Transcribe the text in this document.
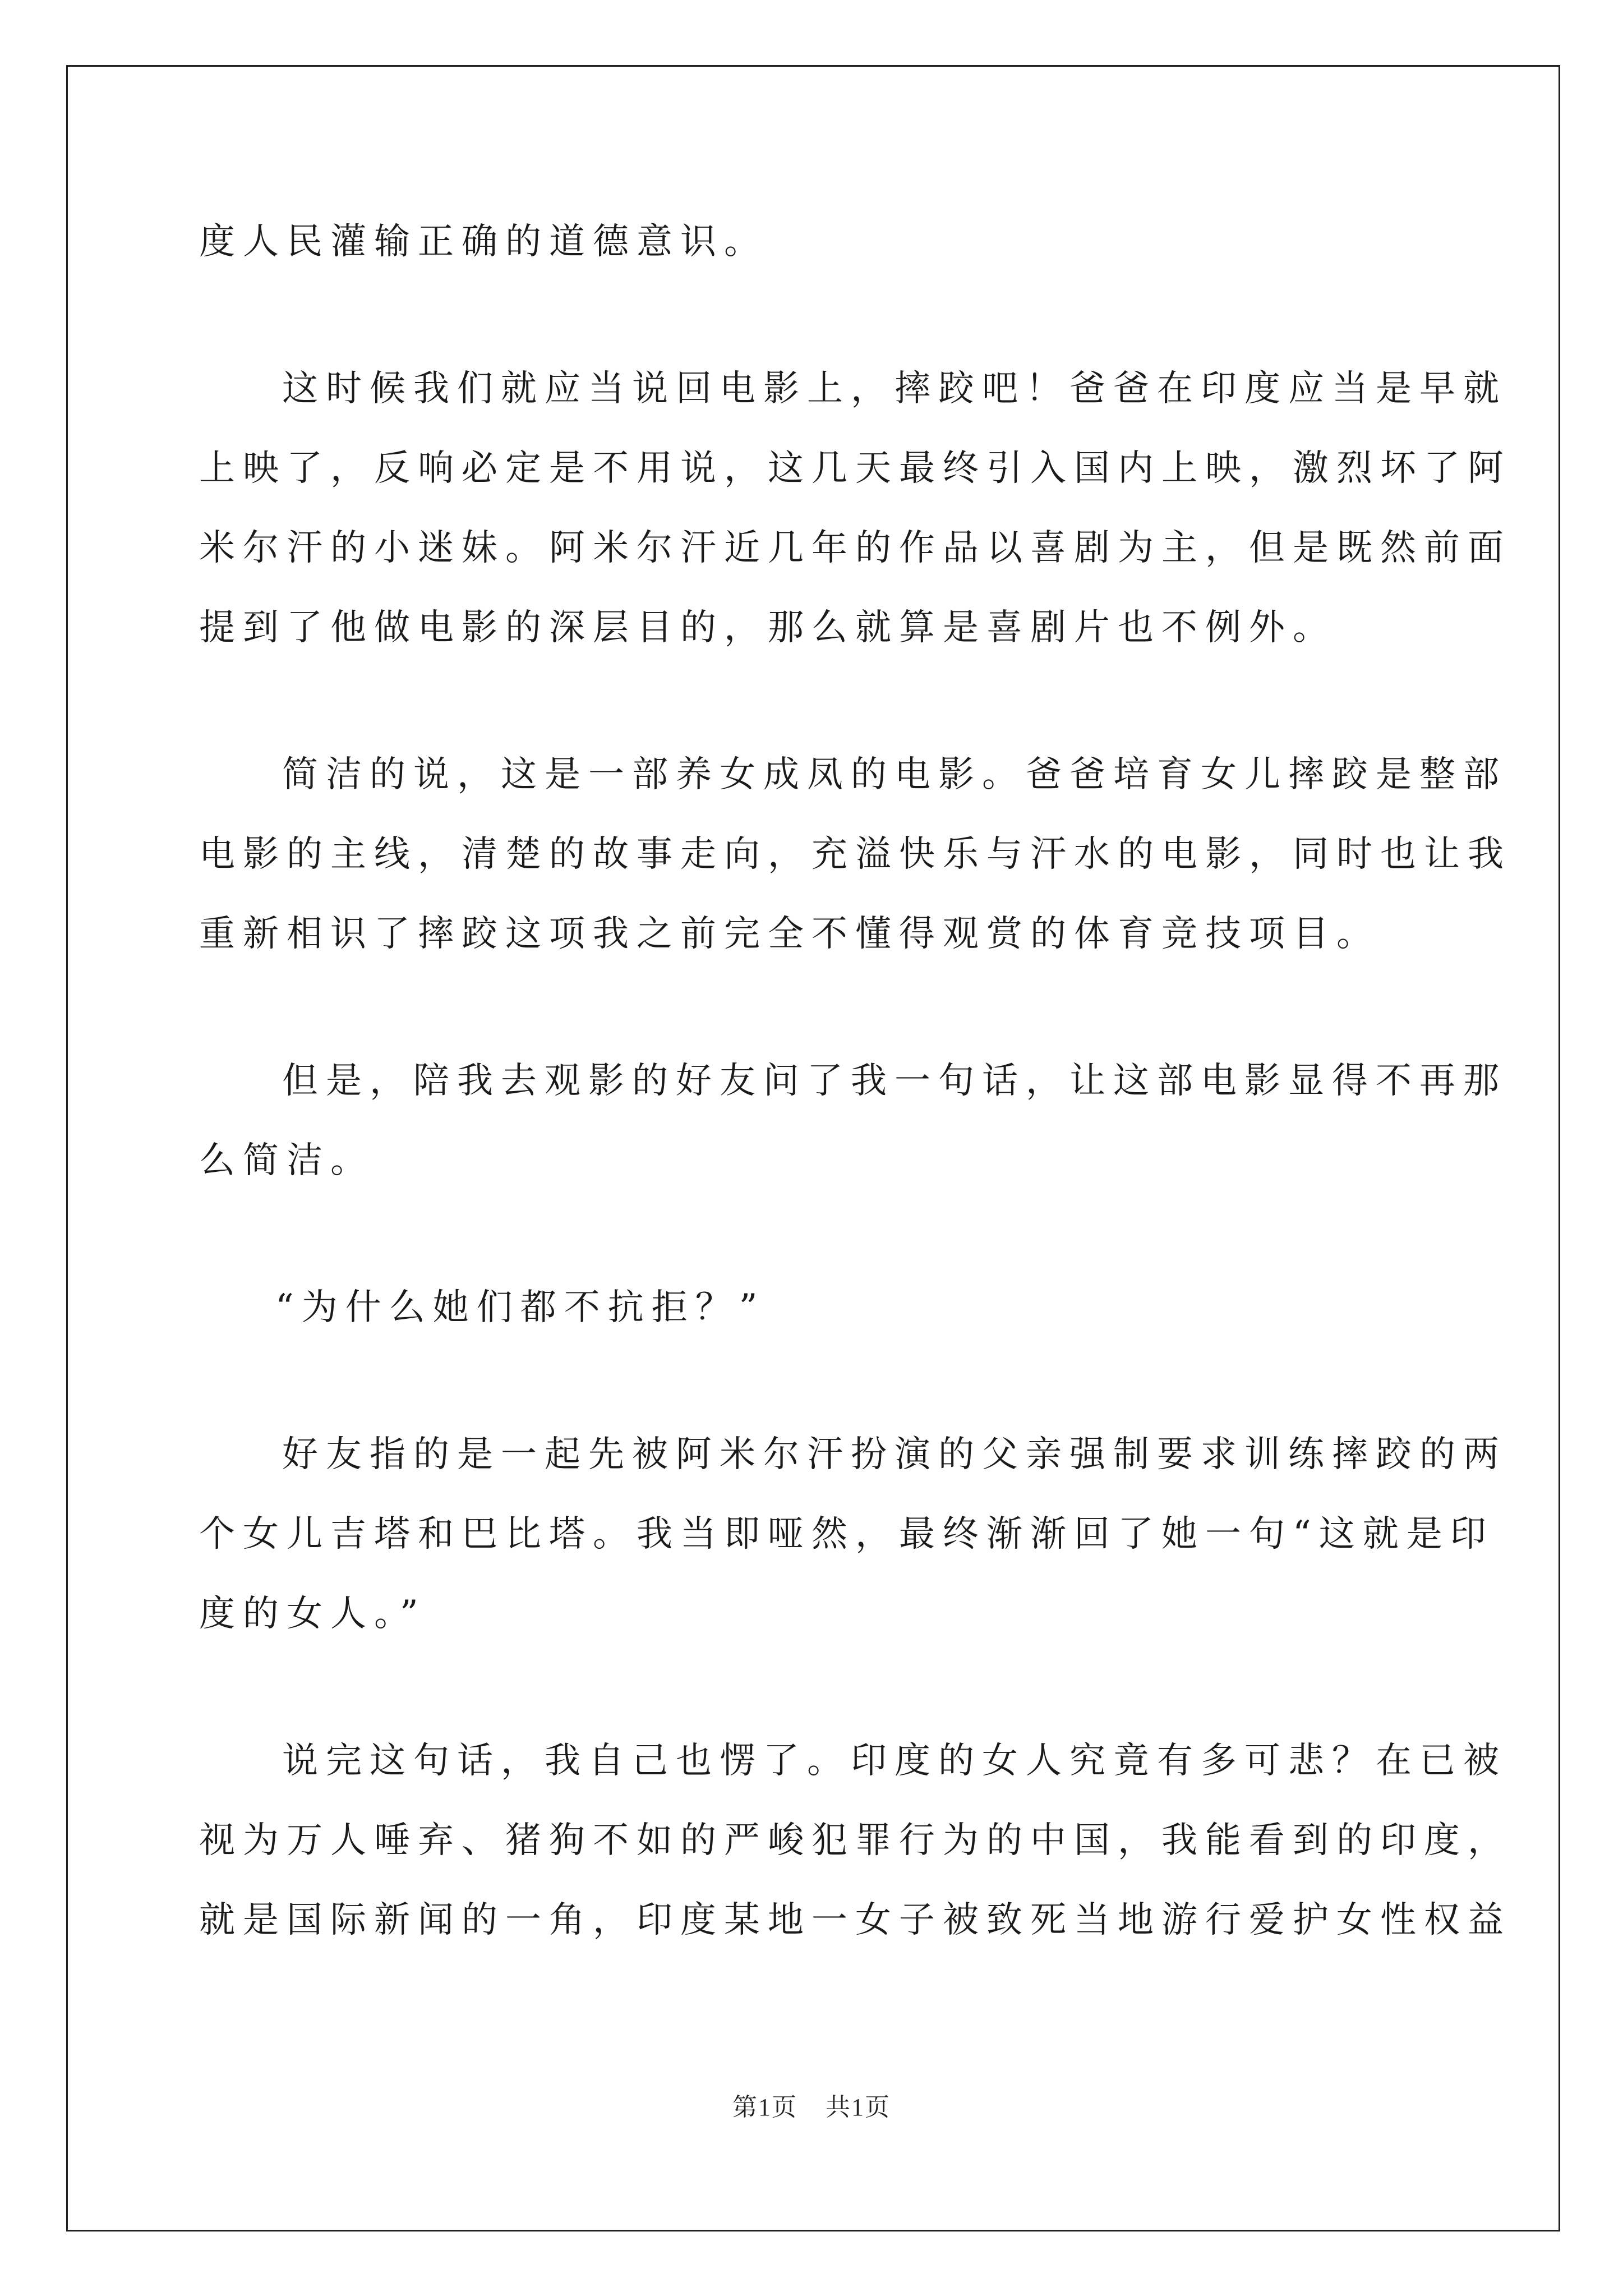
度人民灌输正确的道德意识。
这时候我们就应当说回电影上，摔跤吧！爸爸在印度应当是早就
上映了，反响必定是不用说，这几天最终引入国内上映，激烈坏了阿
米尔汗的小迷妹。阿米尔汗近几年的作品以喜剧为主，但是既然前面
提到了他做电影的深层目的，那么就算是喜剧片也不例外。
简洁的说，这是一部养女成凤的电影。爸爸培育女儿摔跤是整部
电影的主线，清楚的故事走向，充溢快乐与汗水的电影，同时也让我
重新相识了摔跤这项我之前完全不懂得观赏的体育竞技项目。
但是，陪我去观影的好友问了我一句话，让这部电影显得不再那
么简洁。
“为什么她们都不抗拒？”
好友指的是一起先被阿米尔汗扮演的父亲强制要求训练摔跤的两
个女儿吉塔和巴比塔。我当即哑然，最终渐渐回了她一句“这就是印
度的女人。”
说完这句话，我自己也愣了。印度的女人究竟有多可悲？在已被
视为万人唾弃、猪狗不如的严峻犯罪行为的中国，我能看到的印度，
就是国际新闻的一角，印度某地一女子被致死当地游行爱护女性权益
第1页 共1页
